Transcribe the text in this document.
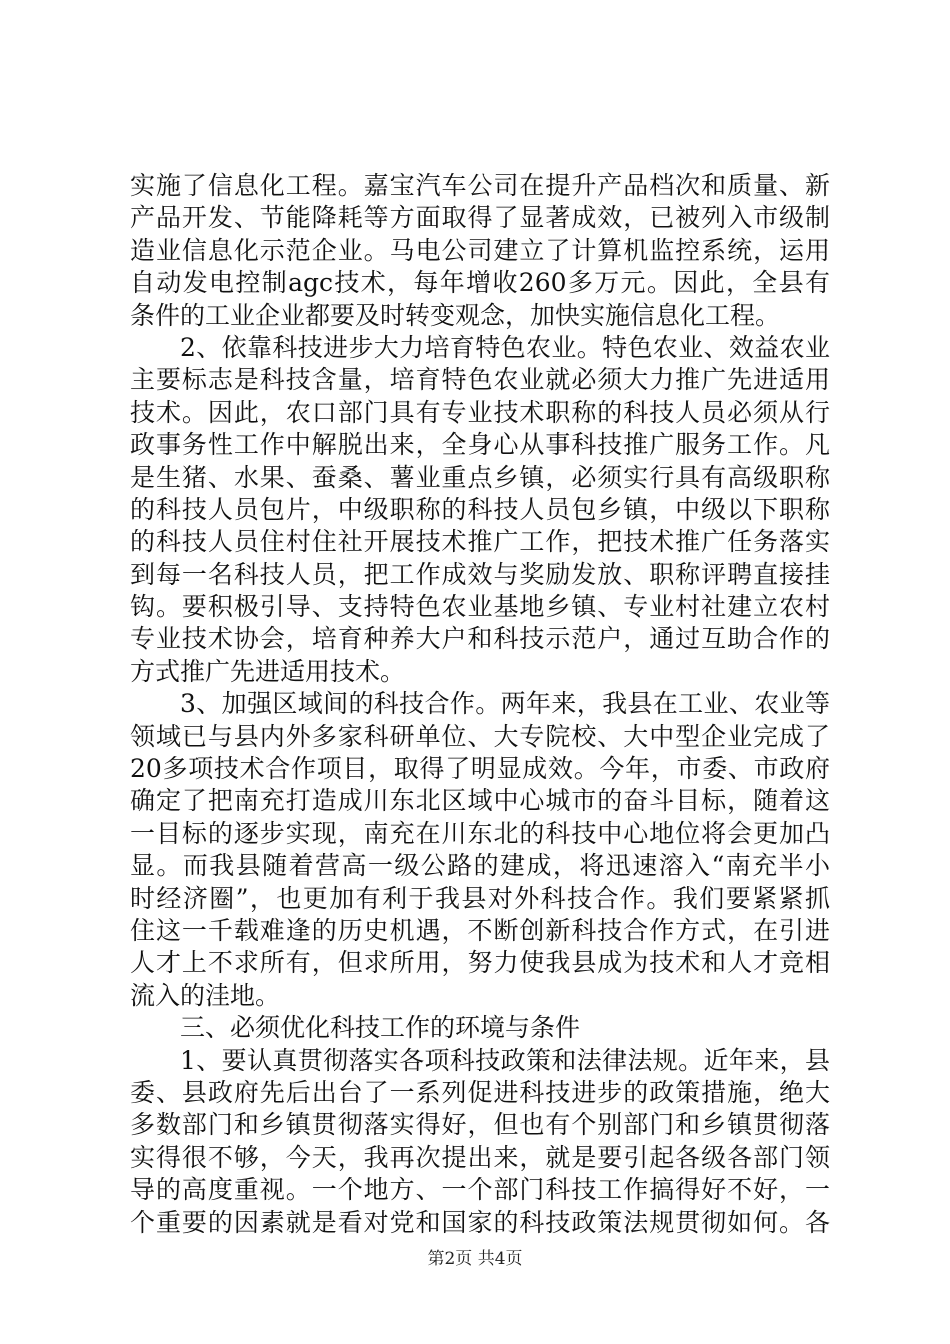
实施了信息化工程。嘉宝汽车公司在提升产品档次和质量、新
产品开发、节能降耗等方面取得了显著成效，已被列入市级制
造业信息化示范企业。马电公司建立了计算机监控系统，运用
自动发电控制agc技术，每年增收260多万元。因此，全县有
条件的工业企业都要及时转变观念，加快实施信息化工程。
2、依靠科技进步大力培育特色农业。特色农业、效益农业
主要标志是科技含量，培育特色农业就必须大力推广先进适用
技术。因此，农口部门具有专业技术职称的科技人员必须从行
政事务性工作中解脱出来，全身心从事科技推广服务工作。凡
是生猪、水果、蚕桑、薯业重点乡镇，必须实行具有高级职称
的科技人员包片，中级职称的科技人员包乡镇，中级以下职称
的科技人员住村住社开展技术推广工作，把技术推广任务落实
到每一名科技人员，把工作成效与奖励发放、职称评聘直接挂
钩。要积极引导、支持特色农业基地乡镇、专业村社建立农村
专业技术协会，培育种养大户和科技示范户，通过互助合作的
方式推广先进适用技术。
3、加强区域间的科技合作。两年来，我县在工业、农业等
领域已与县内外多家科研单位、大专院校、大中型企业完成了
20多项技术合作项目，取得了明显成效。今年，市委、市政府
确定了把南充打造成川东北区域中心城市的奋斗目标，随着这
一目标的逐步实现，南充在川东北的科技中心地位将会更加凸
显。而我县随着营高一级公路的建成，将迅速溶入“南充半小
时经济圈”，也更加有利于我县对外科技合作。我们要紧紧抓
住这一千载难逢的历史机遇，不断创新科技合作方式，在引进
人才上不求所有，但求所用，努力使我县成为技术和人才竞相
流入的洼地。
三、必须优化科技工作的环境与条件
1、要认真贯彻落实各项科技政策和法律法规。近年来，县
委、县政府先后出台了一系列促进科技进步的政策措施，绝大
多数部门和乡镇贯彻落实得好，但也有个别部门和乡镇贯彻落
实得很不够，今天，我再次提出来，就是要引起各级各部门领
导的高度重视。一个地方、一个部门科技工作搞得好不好，一
个重要的因素就是看对党和国家的科技政策法规贯彻如何。各
第2页 共4页
